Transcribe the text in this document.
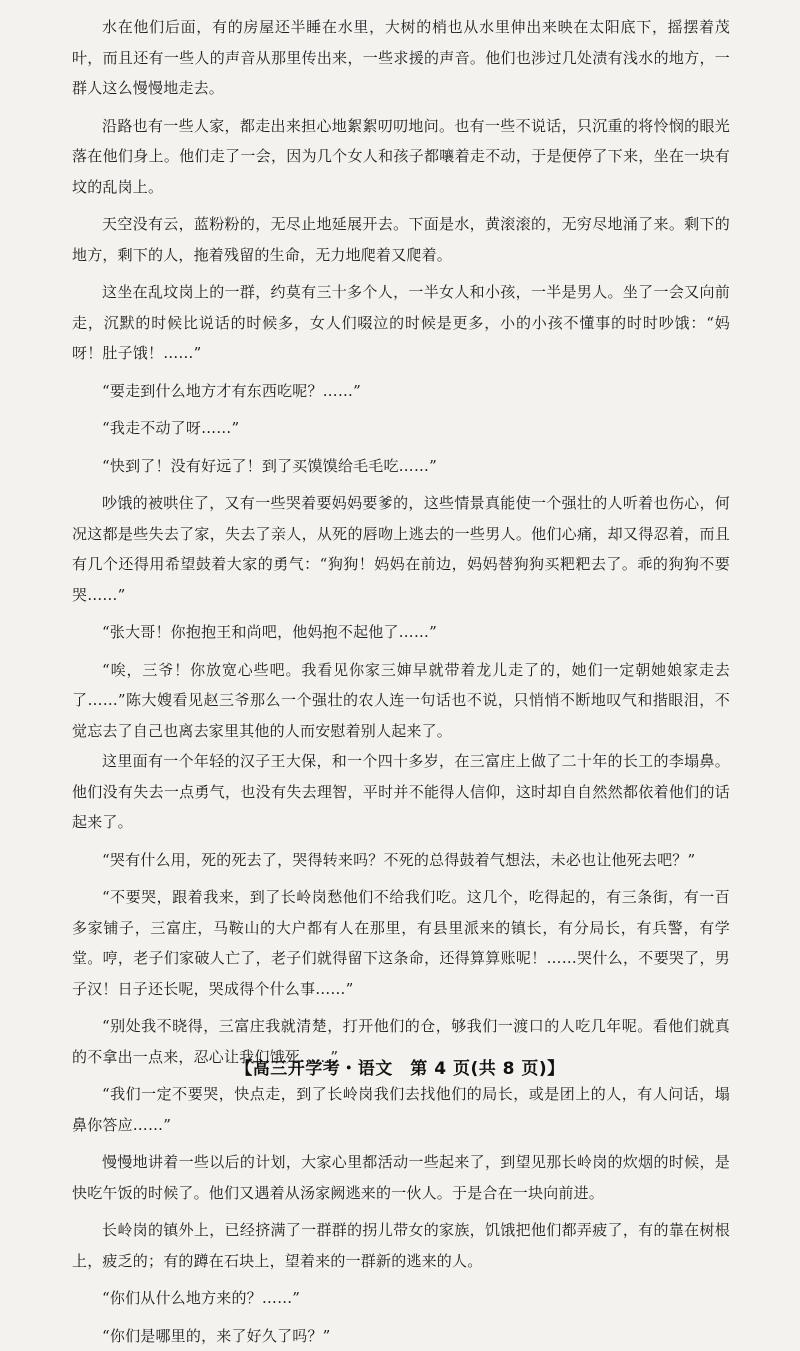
水在他们后面，有的房屋还半睡在水里，大树的梢也从水里伸出来映在太阳底下，摇摆着茂叶，而且还有一些人的声音从那里传出来，一些求援的声音。他们也涉过几处渍有浅水的地方，一群人这么慢慢地走去。

沿路也有一些人家，都走出来担心地絮絮叨叨地问。也有一些不说话，只沉重的将怜悯的眼光落在他们身上。他们走了一会，因为几个女人和孩子都嚷着走不动，于是便停了下来，坐在一块有坟的乱岗上。

天空没有云，蓝粉粉的，无尽止地延展开去。下面是水，黄滚滚的，无穷尽地涌了来。剩下的地方，剩下的人，拖着残留的生命，无力地爬着又爬着。

这坐在乱坟岗上的一群，约莫有三十多个人，一半女人和小孩，一半是男人。坐了一会又向前走，沉默的时候比说话的时候多，女人们啜泣的时候是更多，小的小孩不懂事的时时吵饿：“妈呀！肚子饿！……”

“要走到什么地方才有东西吃呢？……”

“我走不动了呀……”

“快到了！没有好远了！到了买馍馍给毛毛吃……”

吵饿的被哄住了，又有一些哭着要妈妈要爹的，这些情景真能使一个强壮的人听着也伤心，何况这都是些失去了家，失去了亲人，从死的唇吻上逃去的一些男人。他们心痛，却又得忍着，而且有几个还得用希望鼓着大家的勇气：“狗狗！妈妈在前边，妈妈替狗狗买粑粑去了。乖的狗狗不要哭……”

“张大哥！你抱抱王和尚吧，他妈抱不起他了……”

“唉，三爷！你放宽心些吧。我看见你家三婶早就带着龙儿走了的，她们一定朝她娘家走去了……”陈大嫂看见赵三爷那么一个强壮的农人连一句话也不说，只悄悄不断地叹气和揩眼泪，不觉忘去了自己也离去家里其他的人而安慰着别人起来了。

这里面有一个年轻的汉子王大保，和一个四十多岁，在三富庄上做了二十年的长工的李塌鼻。他们没有失去一点勇气，也没有失去理智，平时并不能得人信仰，这时却自自然然都依着他们的话起来了。

“哭有什么用，死的死去了，哭得转来吗？不死的总得鼓着气想法，未必也让他死去吧？”

“不要哭，跟着我来，到了长岭岗愁他们不给我们吃。这几个，吃得起的，有三条街，有一百多家铺子，三富庄，马鞍山的大户都有人在那里，有县里派来的镇长，有分局长，有兵警，有学堂。哼，老子们家破人亡了，老子们就得留下这条命，还得算算账呢！……哭什么，不要哭了，男子汉！日子还长呢，哭成得个什么事……”

“别处我不晓得，三富庄我就清楚，打开他们的仓，够我们一渡口的人吃几年呢。看他们就真的不拿出一点来，忍心让我们饿死……”

“我们一定不要哭，快点走，到了长岭岗我们去找他们的局长，或是团上的人，有人问话，塌鼻你答应……”

慢慢地讲着一些以后的计划，大家心里都活动一些起来了，到望见那长岭岗的炊烟的时候，是快吃午饭的时候了。他们又遇着从汤家阙逃来的一伙人。于是合在一块向前进。

长岭岗的镇外上，已经挤满了一群群的拐儿带女的家族，饥饿把他们都弄疲了，有的靠在树根上，疲乏的；有的蹲在石块上，望着来的一群新的逃来的人。

“你们从什么地方来的？……”

“你们是哪里的，来了好久了吗？”

【高三开学考・语文　第 4 页(共 8 页)】
